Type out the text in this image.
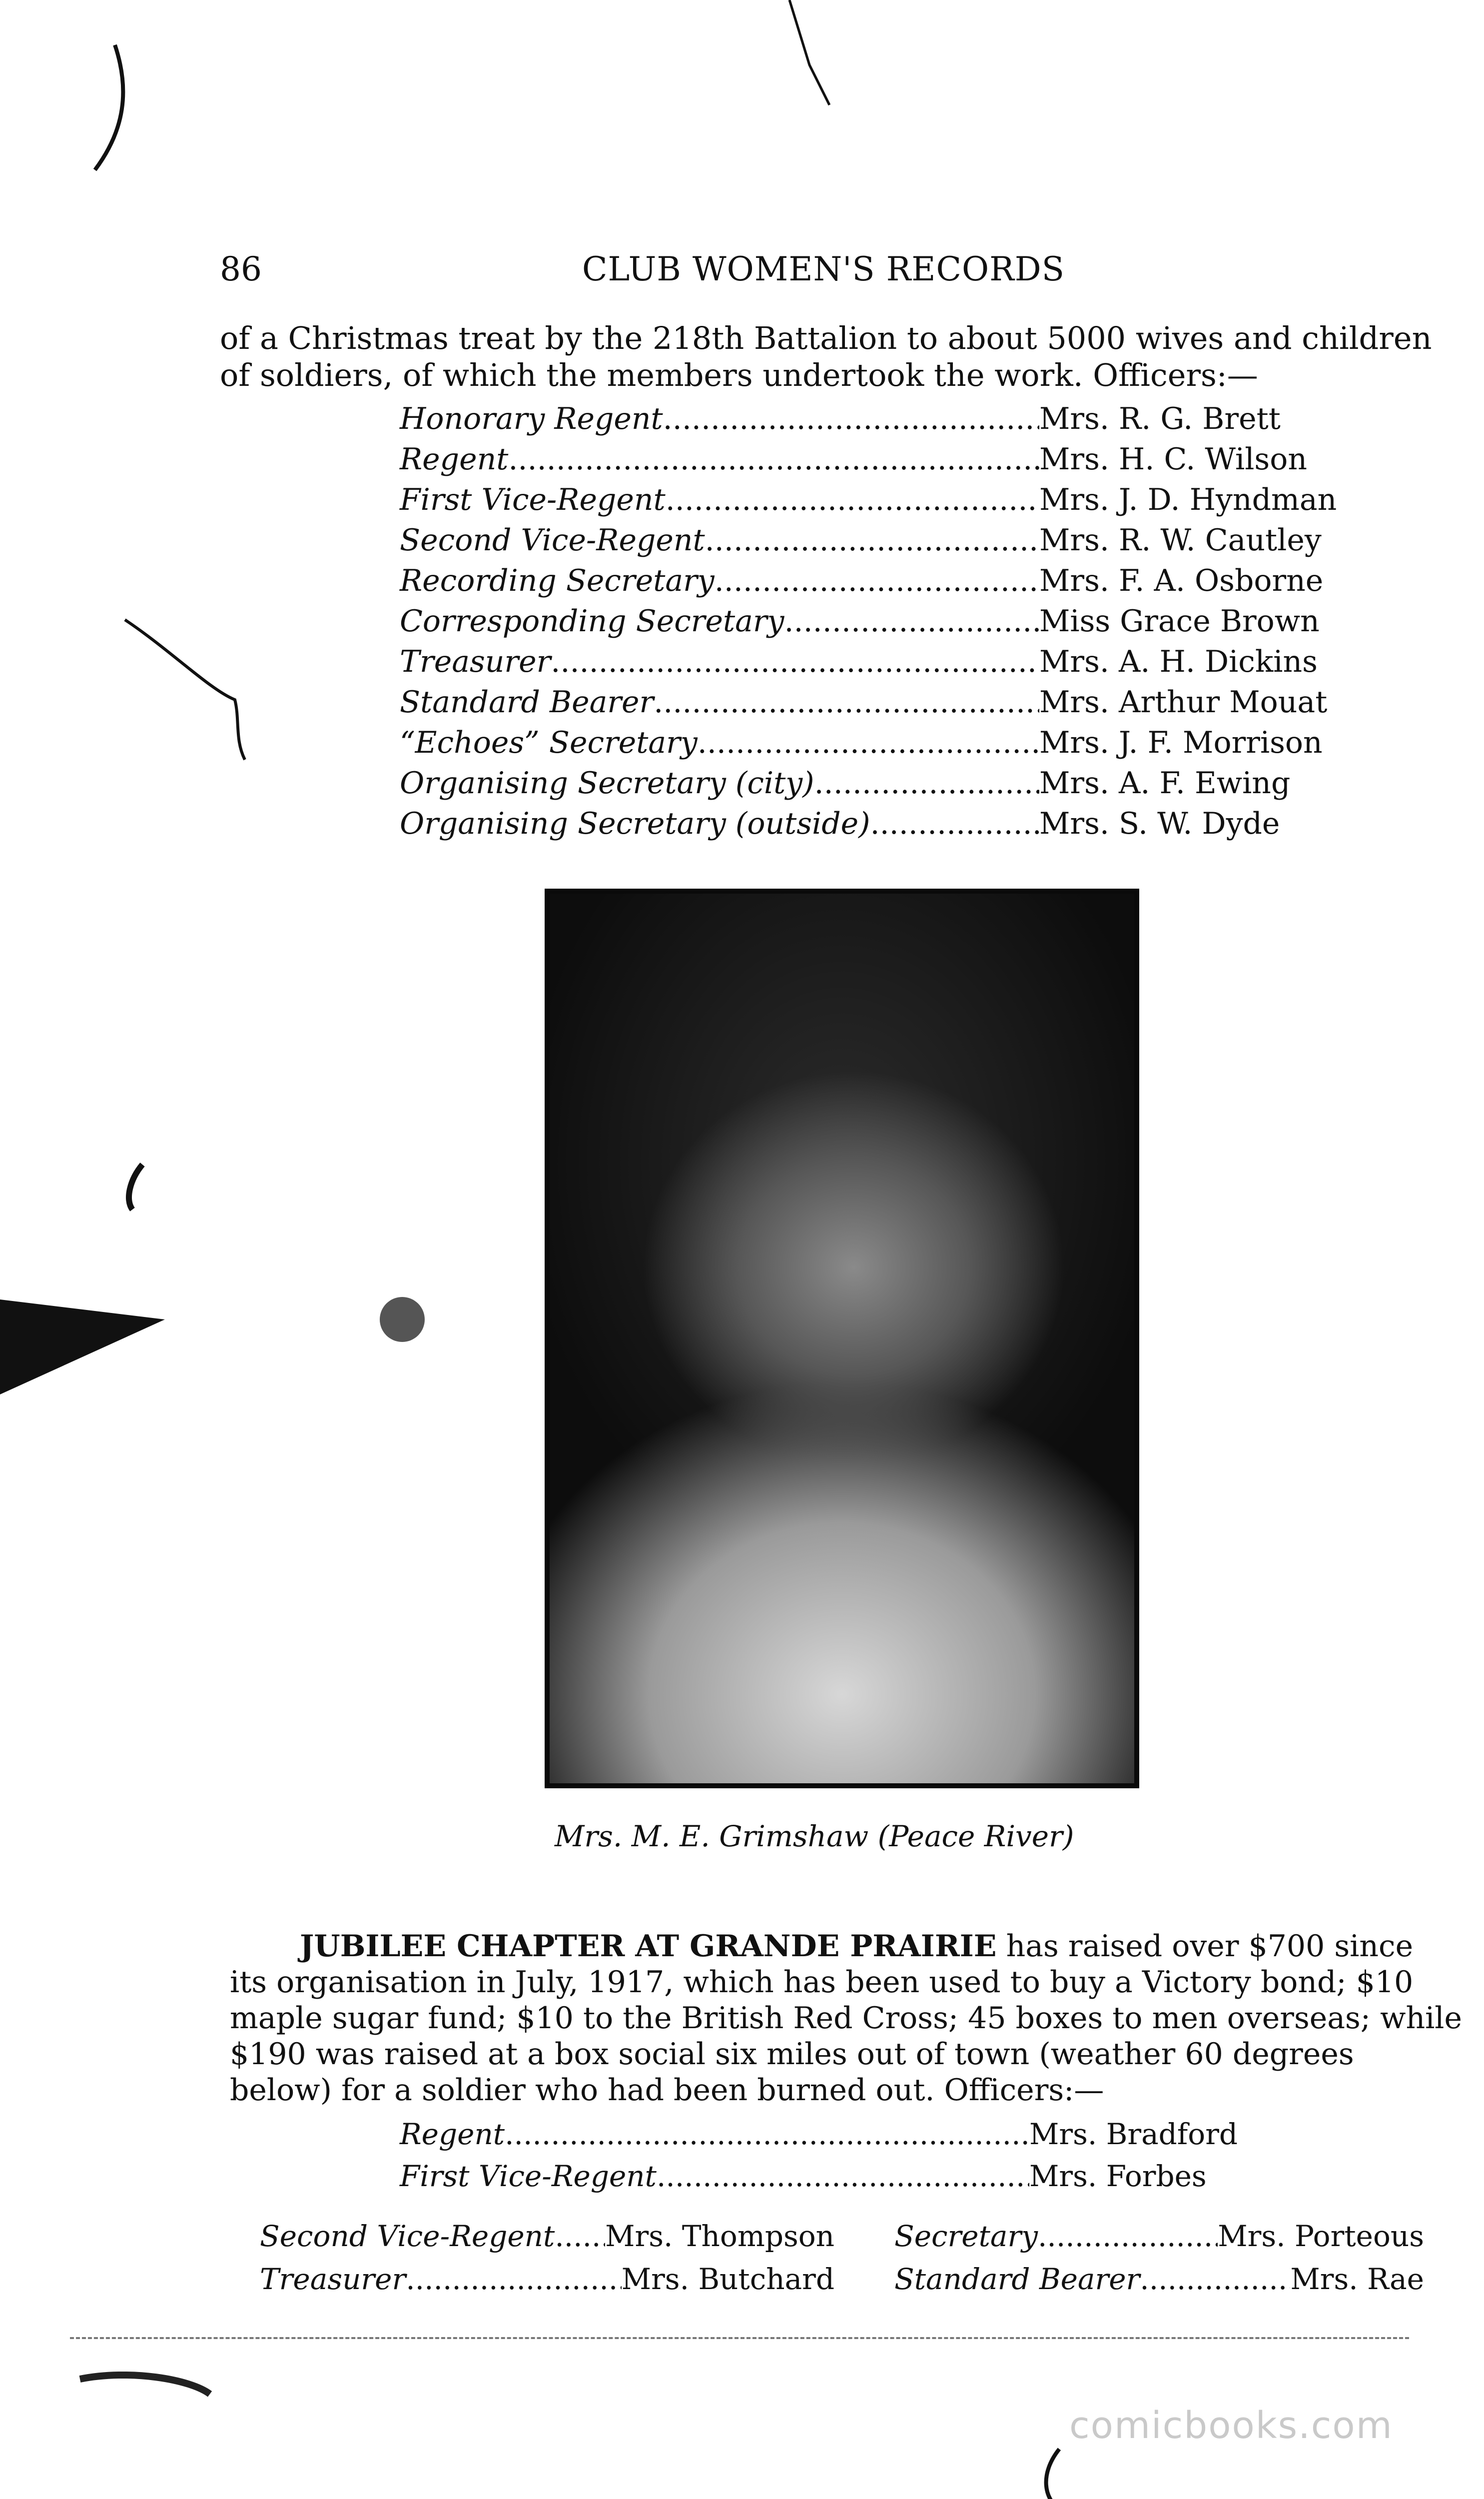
86	CLUB WOMEN'S RECORDS
of a Christmas treat by the 218th Battalion to about 5000 wives and children
of soldiers, of which the members undertook the work. Officers:—
Honorary Regent .....	Mrs. R. G. Brett
Regent .....	Mrs. H. C. Wilson
First Vice-Regent .....	Mrs. J. D. Hyndman
Second Vice-Regent .....	Mrs. R. W. Cautley
Recording Secretary .....	Mrs. F. A. Osborne
Corresponding Secretary .....	Miss Grace Brown
Treasurer .....	Mrs. A. H. Dickins
Standard Bearer .....	Mrs. Arthur Mouat
“Echoes” Secretary .....	Mrs. J. F. Morrison
Organising Secretary (city) .....	Mrs. A. F. Ewing
Organising Secretary (outside) .....	Mrs. S. W. Dyde
Mrs. M. E. Grimshaw (Peace River)
JUBILEE CHAPTER AT GRANDE PRAIRIE has raised over $700 since
its organisation in July, 1917, which has been used to buy a Victory bond; $10
maple sugar fund; $10 to the British Red Cross; 45 boxes to men overseas; while
$190 was raised at a box social six miles out of town (weather 60 degrees
below) for a soldier who had been burned out. Officers:—
Regent .....	Mrs. Bradford
First Vice-Regent .....	Mrs. Forbes
Second Vice-Regent ..... Mrs. Thompson Secretary .....	Mrs. Porteous
Treasurer .....	Mrs. Butchard Standard Bearer .....	Mrs. Rae
comicbooks.com
